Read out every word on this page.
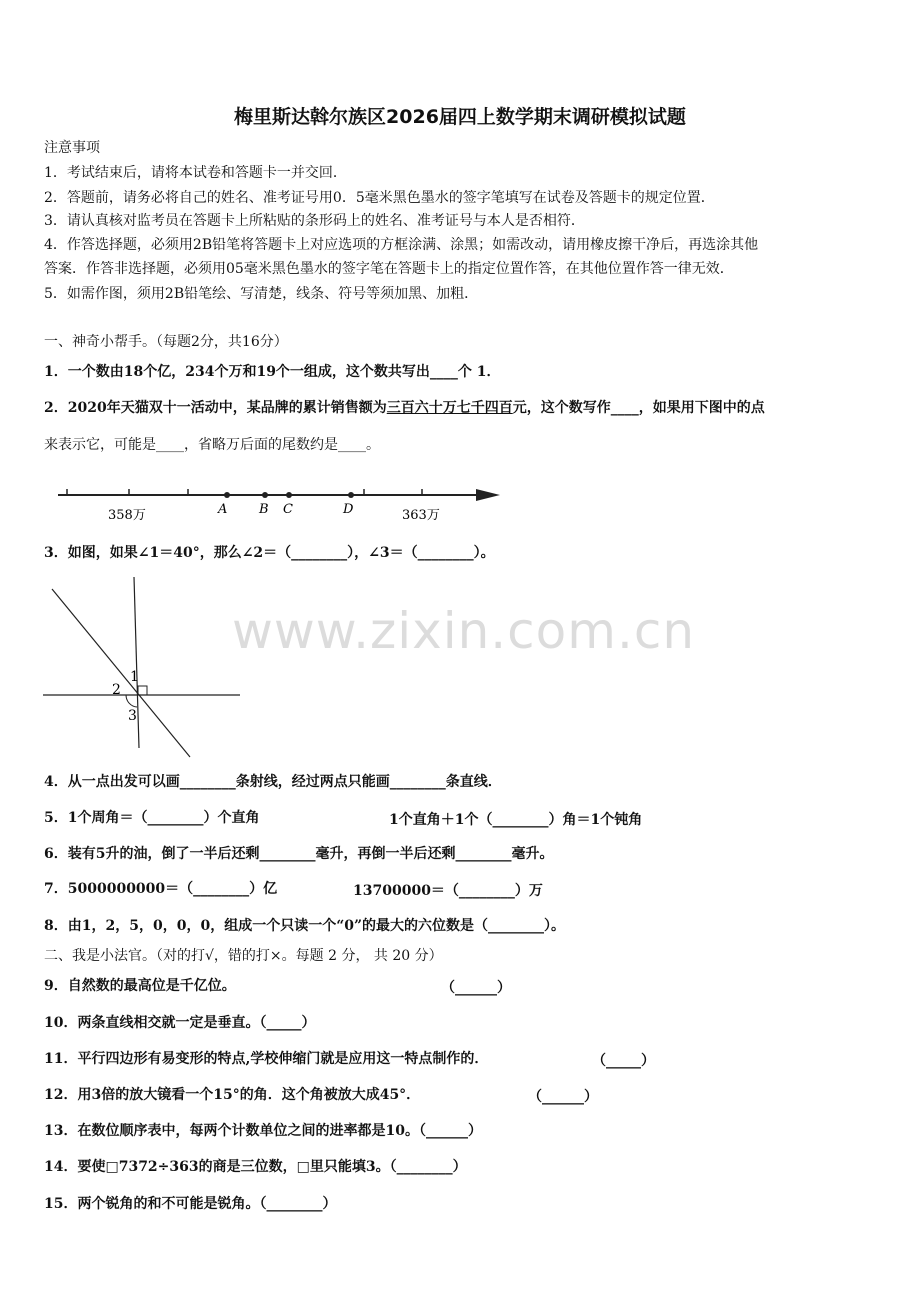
梅里斯达斡尔族区2026届四上数学期末调研模拟试题
注意事项
1．考试结束后，请将本试卷和答题卡一并交回．
2．答题前，请务必将自己的姓名、准考证号用0．5毫米黑色墨水的签字笔填写在试卷及答题卡的规定位置．
3．请认真核对监考员在答题卡上所粘贴的条形码上的姓名、准考证号与本人是否相符．
4．作答选择题，必须用2B铅笔将答题卡上对应选项的方框涂满、涂黑；如需改动，请用橡皮擦干净后，再选涂其他
答案．作答非选择题，必须用05毫米黑色墨水的签字笔在答题卡上的指定位置作答，在其他位置作答一律无效．
5．如需作图，须用2B铅笔绘、写清楚，线条、符号等须加黑、加粗．
一、神奇小帮手。（每题2分，共16分）
1．一个数由18个亿，234个万和19个一组成，这个数共写出____个 1．
2．2020年天猫双十一活动中，某品牌的累计销售额为三百六十万七千四百元，这个数写作____，如果用下图中的点
来表示它，可能是____，省略万后面的尾数约是____。
358万	363万
A B C	D
3．如图，如果∠1＝40°，那么∠2＝（________），∠3＝（________）。
1
2
3
www.zixin.com.cn
4．从一点出发可以画________条射线，经过两点只能画________条直线．
5．1个周角＝（________）个直角	1个直角＋1个（________）角＝1个钝角
6．装有5升的油，倒了一半后还剩________毫升，再倒一半后还剩________毫升。
7．5000000000＝（________）亿	13700000＝（________）万
8．由1，2，5，0，0，0，组成一个只读一个“0”的最大的六位数是（________）。
二、我是小法官。（对的打√，错的打×。每题 2 分， 共 20 分）
9．自然数的最高位是千亿位。	（______）
10．两条直线相交就一定是垂直。（_____）
11．平行四边形有易变形的特点,学校伸缩门就是应用这一特点制作的．	（_____）
12．用3倍的放大镜看一个15°的角．这个角被放大成45°．	（______）
13．在数位顺序表中，每两个计数单位之间的进率都是10。（______）
14．要使□7372÷363的商是三位数，□里只能填3。（________）
15．两个锐角的和不可能是锐角。（________）
